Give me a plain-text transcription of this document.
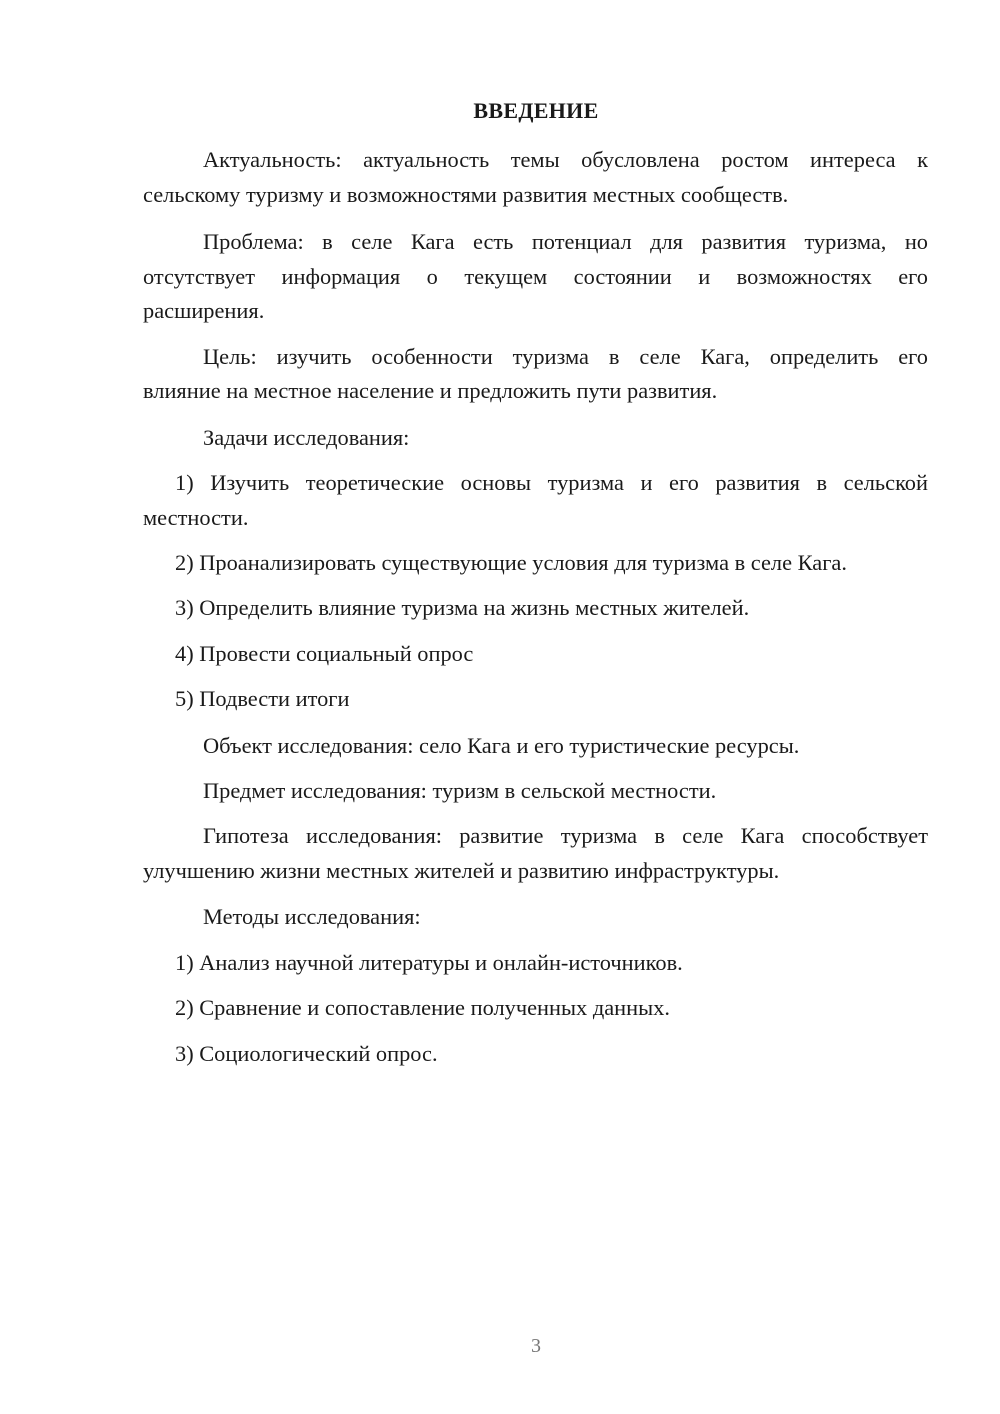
ВВЕДЕНИЕ
Актуальность: актуальность темы обусловлена ростом интереса к
сельскому туризму и возможностями развития местных сообществ.
Проблема: в селе Кага есть потенциал для развития туризма, но
отсутствует информация о текущем состоянии и возможностях его
расширения.
Цель: изучить особенности туризма в селе Кага, определить его
влияние на местное население и предложить пути развития.
Задачи исследования:
1) Изучить теоретические основы туризма и его развития в сельской
местности.
2) Проанализировать существующие условия для туризма в селе Кага.
3) Определить влияние туризма на жизнь местных жителей.
4) Провести социальный опрос
5) Подвести итоги
Объект исследования: село Кага и его туристические ресурсы.
Предмет исследования: туризм в сельской местности.
Гипотеза исследования: развитие туризма в селе Кага способствует
улучшению жизни местных жителей и развитию инфраструктуры.
Методы исследования:
1) Анализ научной литературы и онлайн-источников.
2) Сравнение и сопоставление полученных данных.
3) Социологический опрос.
3
